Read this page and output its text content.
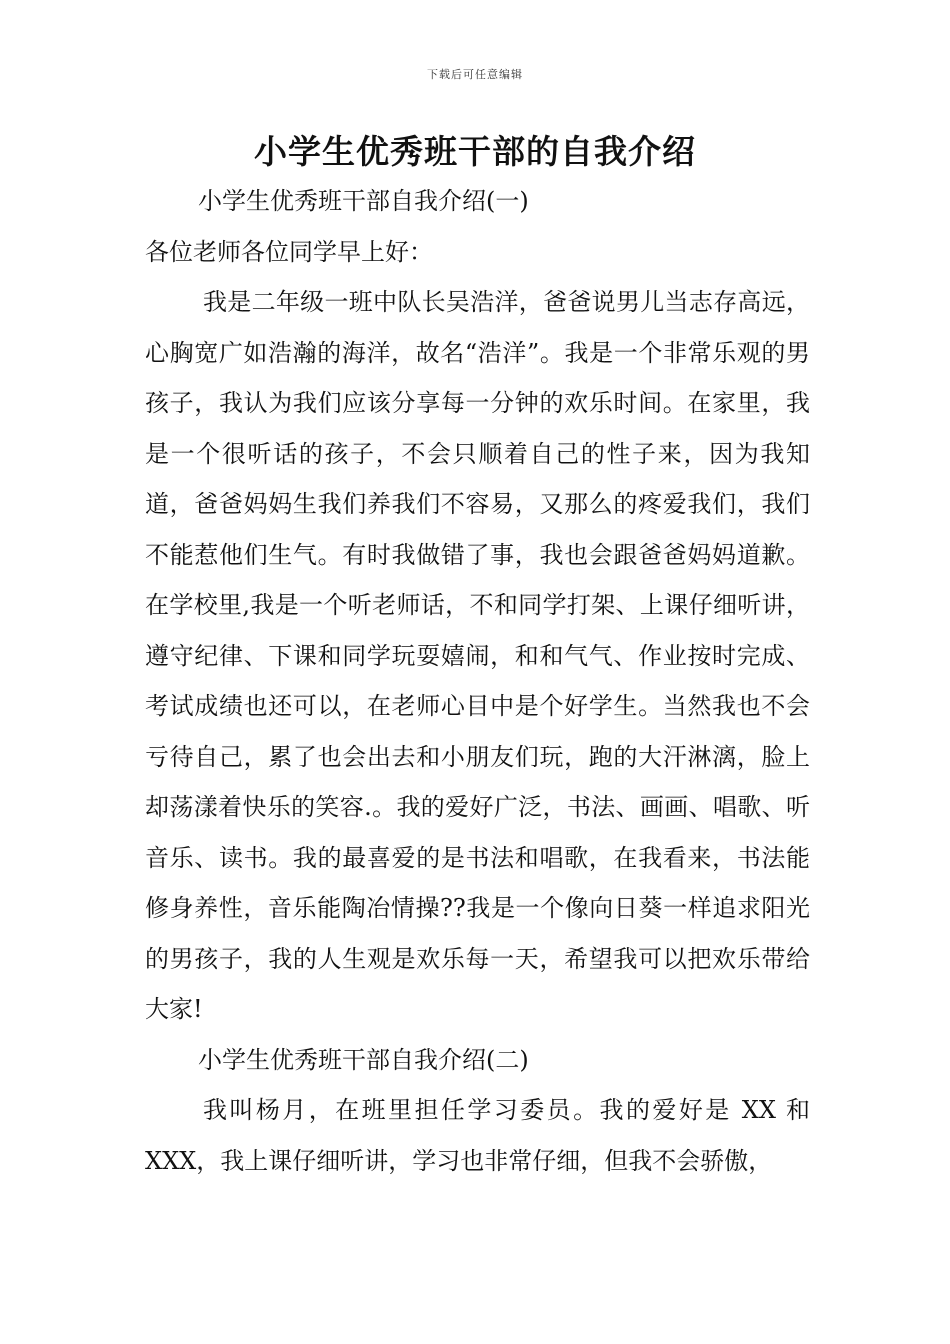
下载后可任意编辑
小学生优秀班干部的自我介绍

小学生优秀班干部自我介绍(一)

各位老师各位同学早上好：

我是二年级一班中队长吴浩洋，爸爸说男儿当志存高远，心胸宽广如浩瀚的海洋，故名“浩洋”。我是一个非常乐观的男孩子，我认为我们应该分享每一分钟的欢乐时间。在家里，我是一个很听话的孩子，不会只顺着自己的性子来，因为我知道，爸爸妈妈生我们养我们不容易，又那么的疼爱我们，我们不能惹他们生气。有时我做错了事，我也会跟爸爸妈妈道歉。在学校里,我是一个听老师话，不和同学打架、上课仔细听讲，遵守纪律、下课和同学玩耍嬉闹，和和气气、作业按时完成、考试成绩也还可以，在老师心目中是个好学生。当然我也不会亏待自己，累了也会出去和小朋友们玩，跑的大汗淋漓，脸上却荡漾着快乐的笑容.。我的爱好广泛，书法、画画、唱歌、听音乐、读书。我的最喜爱的是书法和唱歌，在我看来，书法能修身养性，音乐能陶冶情操??我是一个像向日葵一样追求阳光的男孩子，我的人生观是欢乐每一天，希望我可以把欢乐带给大家!

小学生优秀班干部自我介绍(二)

我叫杨月，在班里担任学习委员。我的爱好是 XX 和XXX，我上课仔细听讲，学习也非常仔细，但我不会骄傲，
